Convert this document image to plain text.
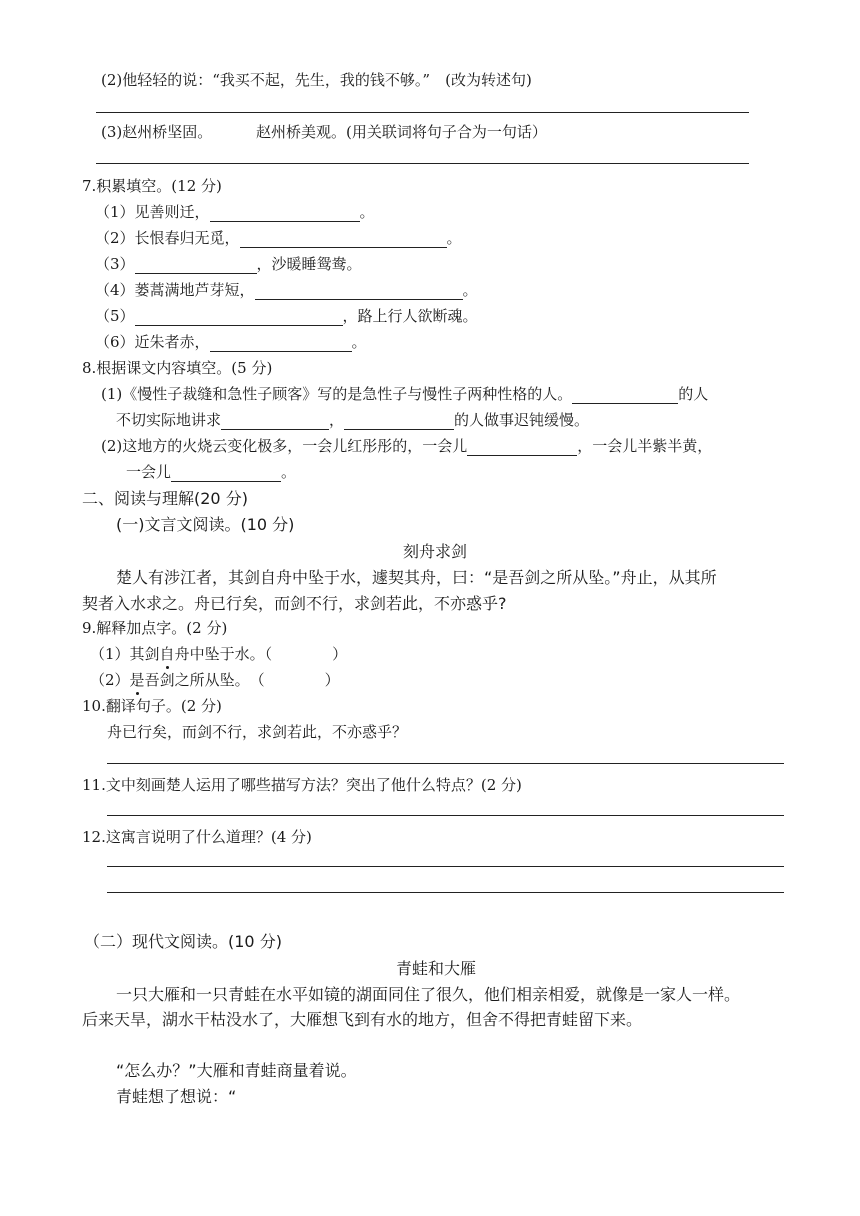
(2)他轻轻的说：“我买不起，先生，我的钱不够。”　(改为转述句)
(3)赵州桥坚固。	赵州桥美观。(用关联词将句子合为一句话）
7.积累填空。(12 分)
（1）见善则迁，	。
（2）长恨春归无觅，	。
（3）	，沙暖睡鸳鸯。
（4）蒌蒿满地芦芽短，	。
（5）	，路上行人欲断魂。
（6）近朱者赤，	。
8.根据课文内容填空。(5 分)
(1)《慢性子裁缝和急性子顾客》写的是急性子与慢性子两种性格的人。	的人
不切实际地讲求	，	的人做事迟钝缓慢。
(2)这地方的火烧云变化极多，一会儿红彤彤的，一会儿	，一会儿半紫半黄，
一会儿	。
二、阅读与理解(20 分)
(一)文言文阅读。(10 分)
刻舟求剑
楚人有涉江者，其剑自舟中坠于水，遽契其舟，曰：“是吾剑之所从坠。”舟止，从其所
契者入水求之。舟已行矣，而剑不行，求剑若此，不亦惑乎?
9.解释加点字。(2 分)
（1）其剑自舟中坠于水。（　　　　）
（2）是吾剑之所从坠。　（　　　　）
10.翻译句子。(2 分)
舟已行矣，而剑不行，求剑若此，不亦惑乎？
11.文中刻画楚人运用了哪些描写方法？突出了他什么特点？(2 分)
12.这寓言说明了什么道理？(4 分)
（二）现代文阅读。(10 分)
青蛙和大雁
一只大雁和一只青蛙在水平如镜的湖面同住了很久，他们相亲相爱，就像是一家人一样。
后来天旱，湖水干枯没水了，大雁想飞到有水的地方，但舍不得把青蛙留下来。
“怎么办？”大雁和青蛙商量着说。
青蛙想了想说：“
